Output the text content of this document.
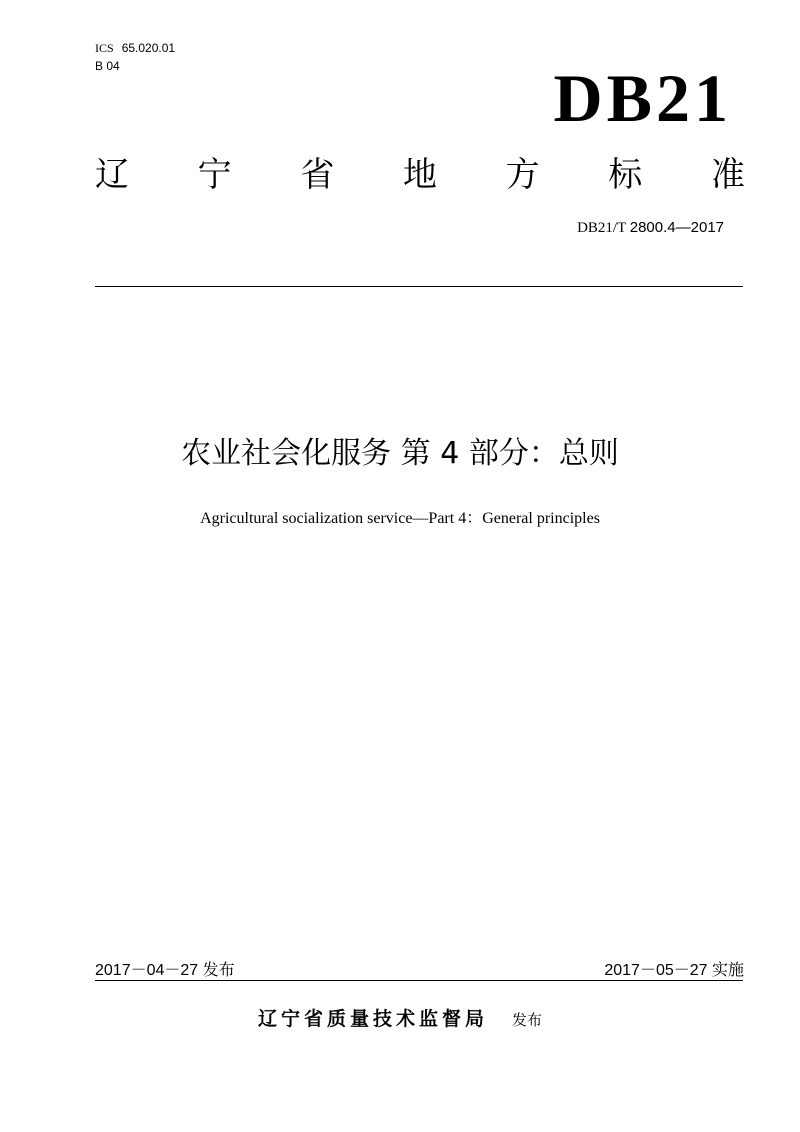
ICS 65.020.01
B 04	DB21
辽 宁 省 地 方 标 准
DB21/T 2800.4—2017
农业社会化服务 第 4 部分：总则
Agricultural socialization service—Part 4：General principles
2017－04－27 发布	2017－05－27 实施
辽宁省质量技术监督局 发布
